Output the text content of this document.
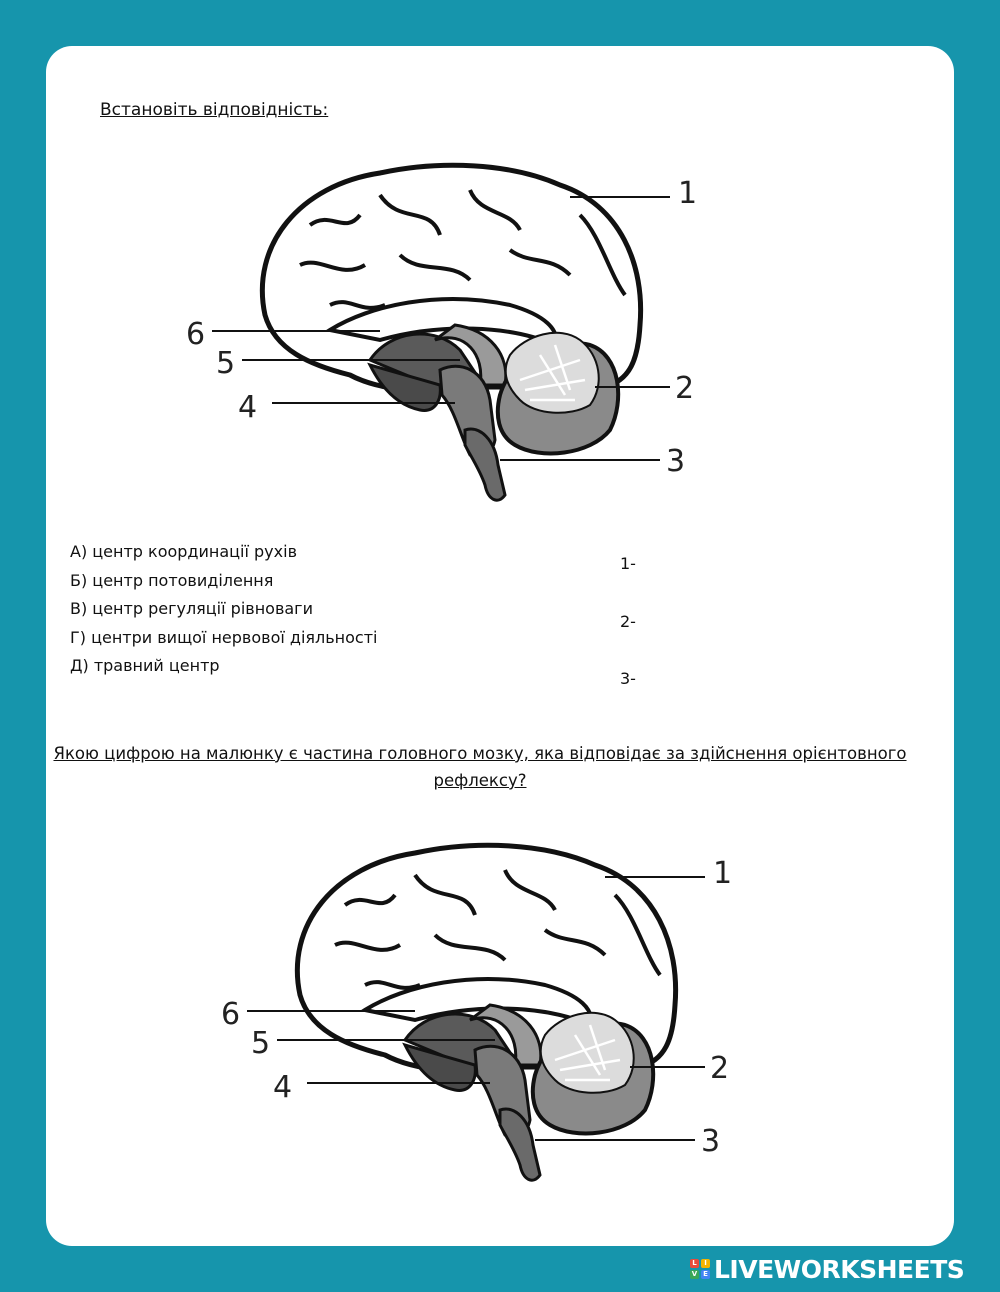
Встановіть відповідність:
1
2
3
4
5
6
А) центр координації рухів
Б) центр потовиділення
В) центр регуляції рівноваги
Г) центри вищої нервової діяльності
Д) травний центр
1-
2-
3-
Якою цифрою на малюнку є частина головного мозку, яка відповідає за здійснення орієнтовного
рефлексу?
1
2
3
4
5
6
L	I
V E LIVEWORKSHEETS
